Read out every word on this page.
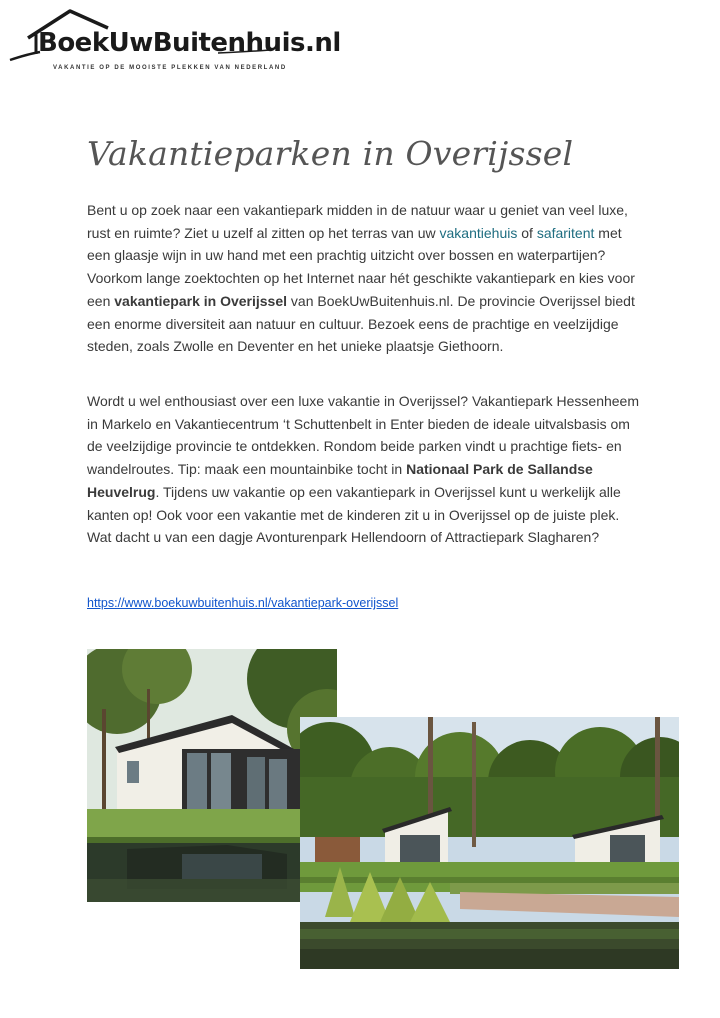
BoekUwBuitenhuis.nl
VAKANTIE OP DE MOOISTE PLEKKEN VAN NEDERLAND
Vakantieparken in Overijssel

Bent u op zoek naar een vakantiepark midden in de natuur waar u geniet van veel luxe, rust en ruimte? Ziet u uzelf al zitten op het terras van uw vakantiehuis of safaritent met een glaasje wijn in uw hand met een prachtig uitzicht over bossen en waterpartijen? Voorkom lange zoektochten op het Internet naar hét geschikte vakantiepark en kies voor een vakantiepark in Overijssel van BoekUwBuitenhuis.nl. De provincie Overijssel biedt een enorme diversiteit aan natuur en cultuur. Bezoek eens de prachtige en veelzijdige steden, zoals Zwolle en Deventer en het unieke plaatsje Giethoorn.

Wordt u wel enthousiast over een luxe vakantie in Overijssel? Vakantiepark Hessenheem in Markelo en Vakantiecentrum ‘t Schuttenbelt in Enter bieden de ideale uitvalsbasis om de veelzijdige provincie te ontdekken. Rondom beide parken vindt u prachtige fiets- en wandelroutes. Tip: maak een mountainbike tocht in Nationaal Park de Sallandse Heuvelrug. Tijdens uw vakantie op een vakantiepark in Overijssel kunt u werkelijk alle kanten op! Ook voor een vakantie met de kinderen zit u in Overijssel op de juiste plek. Wat dacht u van een dagje Avonturenpark Hellendoorn of Attractiepark Slagharen?

https://www.boekuwbuitenhuis.nl/vakantiepark-overijssel
